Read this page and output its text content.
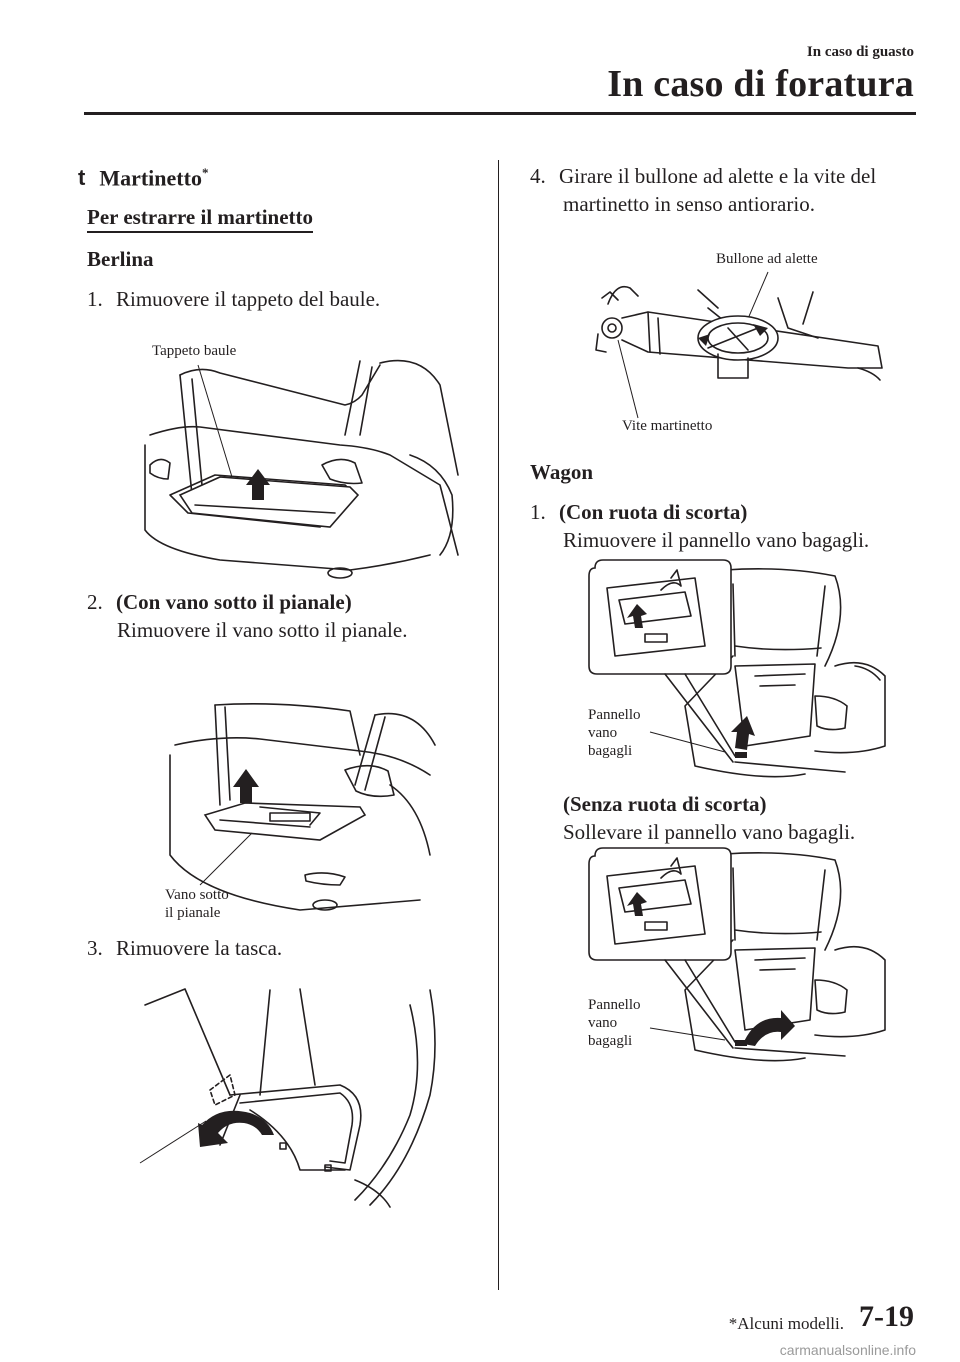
In caso di guasto
In caso di foratura
t Martinetto*
Per estrarre il martinetto
Berlina
1. Rimuovere il tappeto del baule.
Tappeto baule
2. (Con vano sotto il pianale)
Rimuovere il vano sotto il pianale.
Vano sotto
il pianale
3. Rimuovere la tasca.
4. Girare il bullone ad alette e la vite del
martinetto in senso antiorario.
Bullone ad alette
Vite martinetto
Wagon
1. (Con ruota di scorta)
Rimuovere il pannello vano bagagli.
Pannello
vano
bagagli
(Senza ruota di scorta)
Sollevare il pannello vano bagagli.
Pannello
vano
bagagli
*Alcuni modelli. 7-19
carmanualsonline.info
